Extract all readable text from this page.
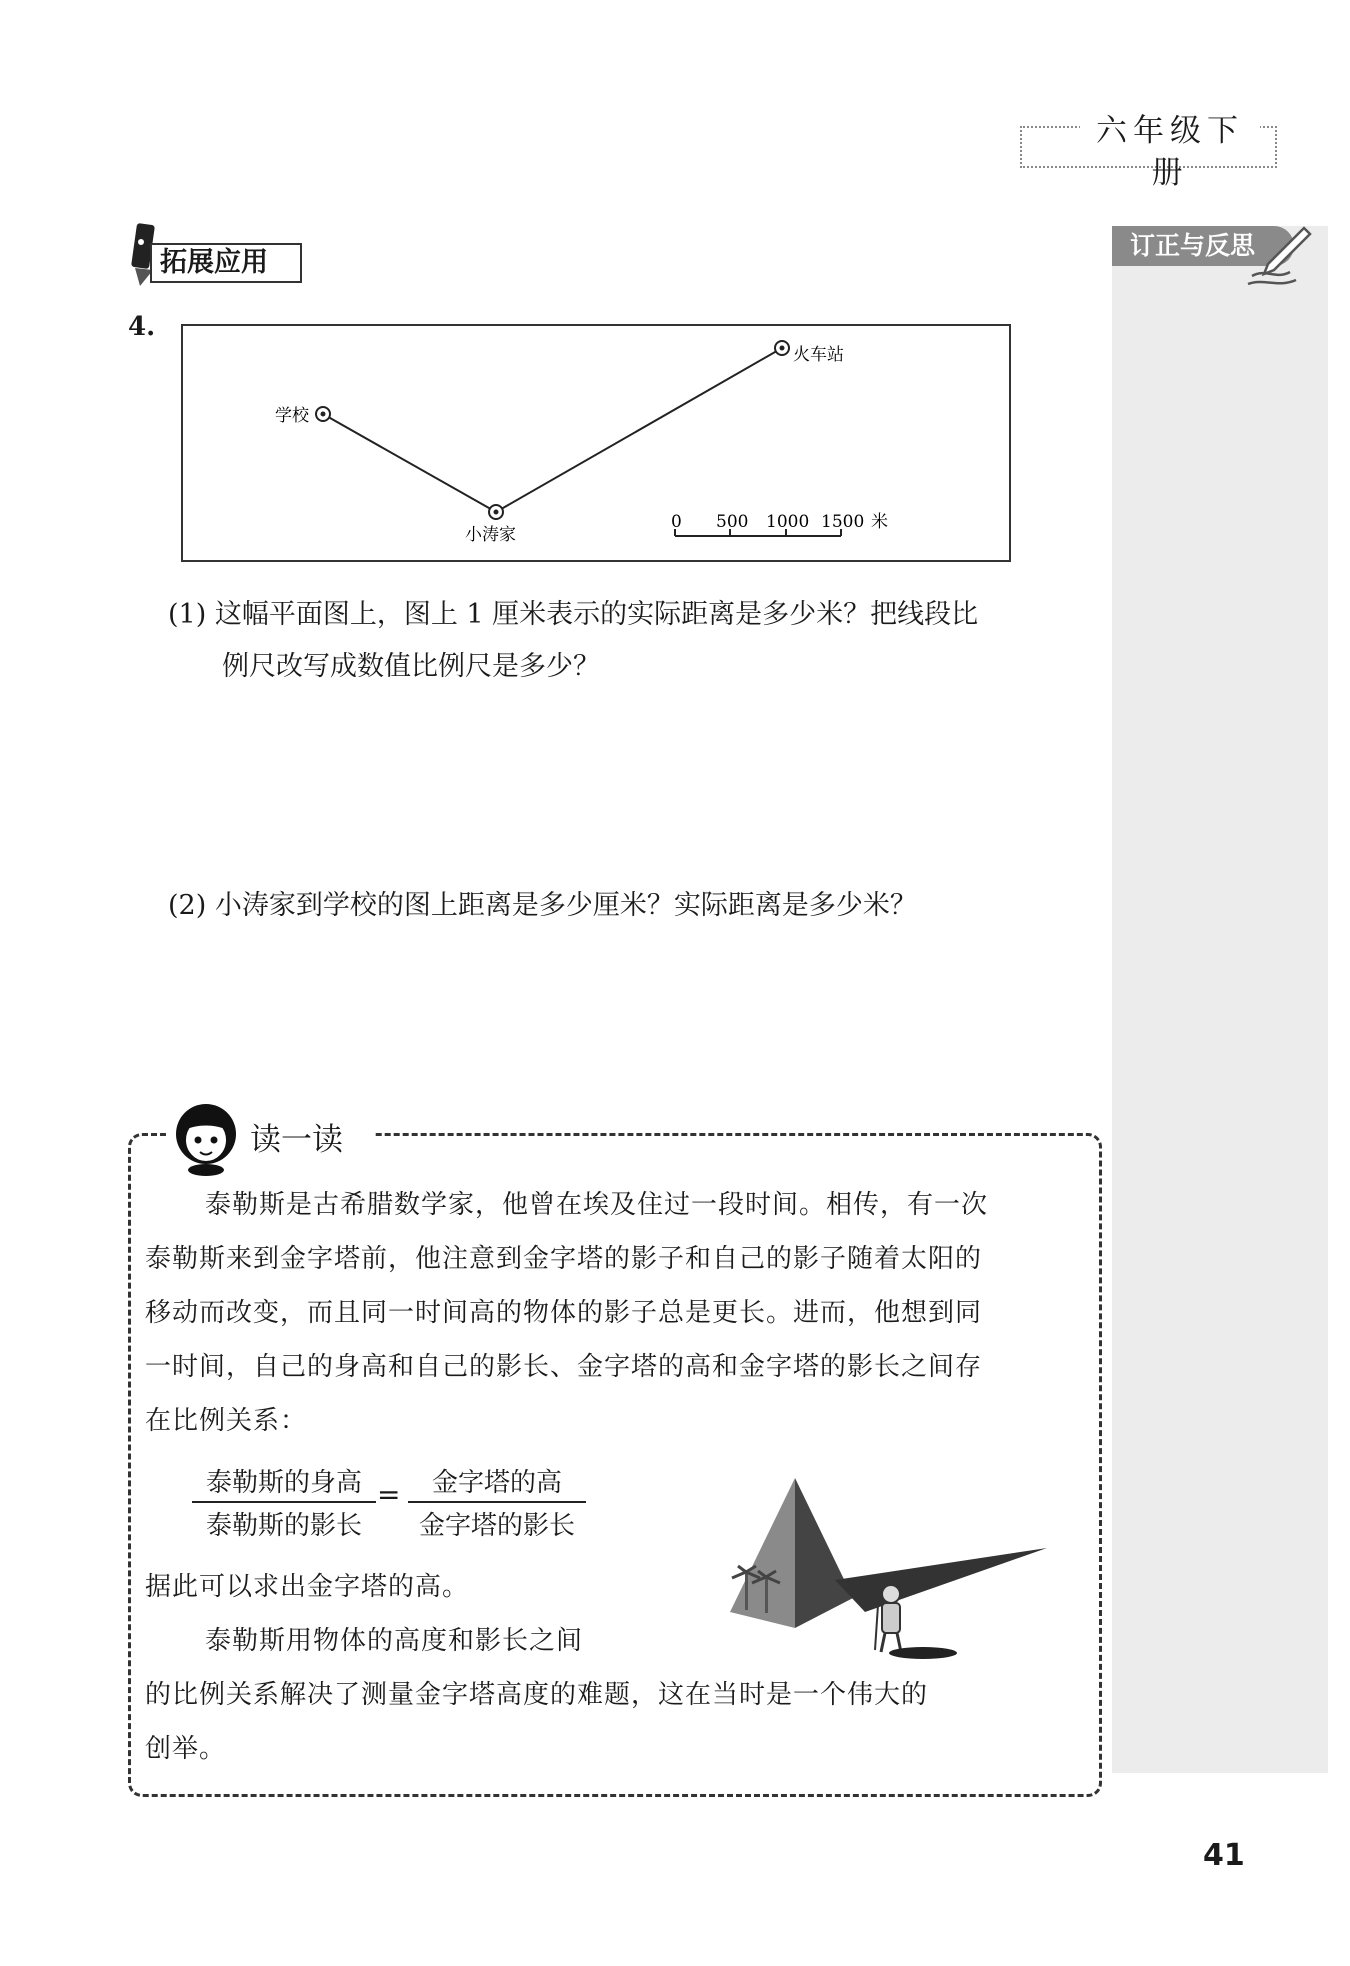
六年级下册
订正与反思
拓展应用
4.
学校
小涛家
火车站
0 500 1000 1500 米
(1) 这幅平面图上，图上 1 厘米表示的实际距离是多少米？把线段比
例尺改写成数值比例尺是多少？
(2) 小涛家到学校的图上距离是多少厘米？实际距离是多少米？
读一读
泰勒斯是古希腊数学家，他曾在埃及住过一段时间。相传，有一次
泰勒斯来到金字塔前，他注意到金字塔的影子和自己的影子随着太阳的
移动而改变，而且同一时间高的物体的影子总是更长。进而，他想到同
一时间，自己的身高和自己的影长、金字塔的高和金字塔的影长之间存
在比例关系：
泰勒斯的身高
泰勒斯的影长
=	金字塔的高
金字塔的影长
据此可以求出金字塔的高。
泰勒斯用物体的高度和影长之间
的比例关系解决了测量金字塔高度的难题，这在当时是一个伟大的
创举。
41
